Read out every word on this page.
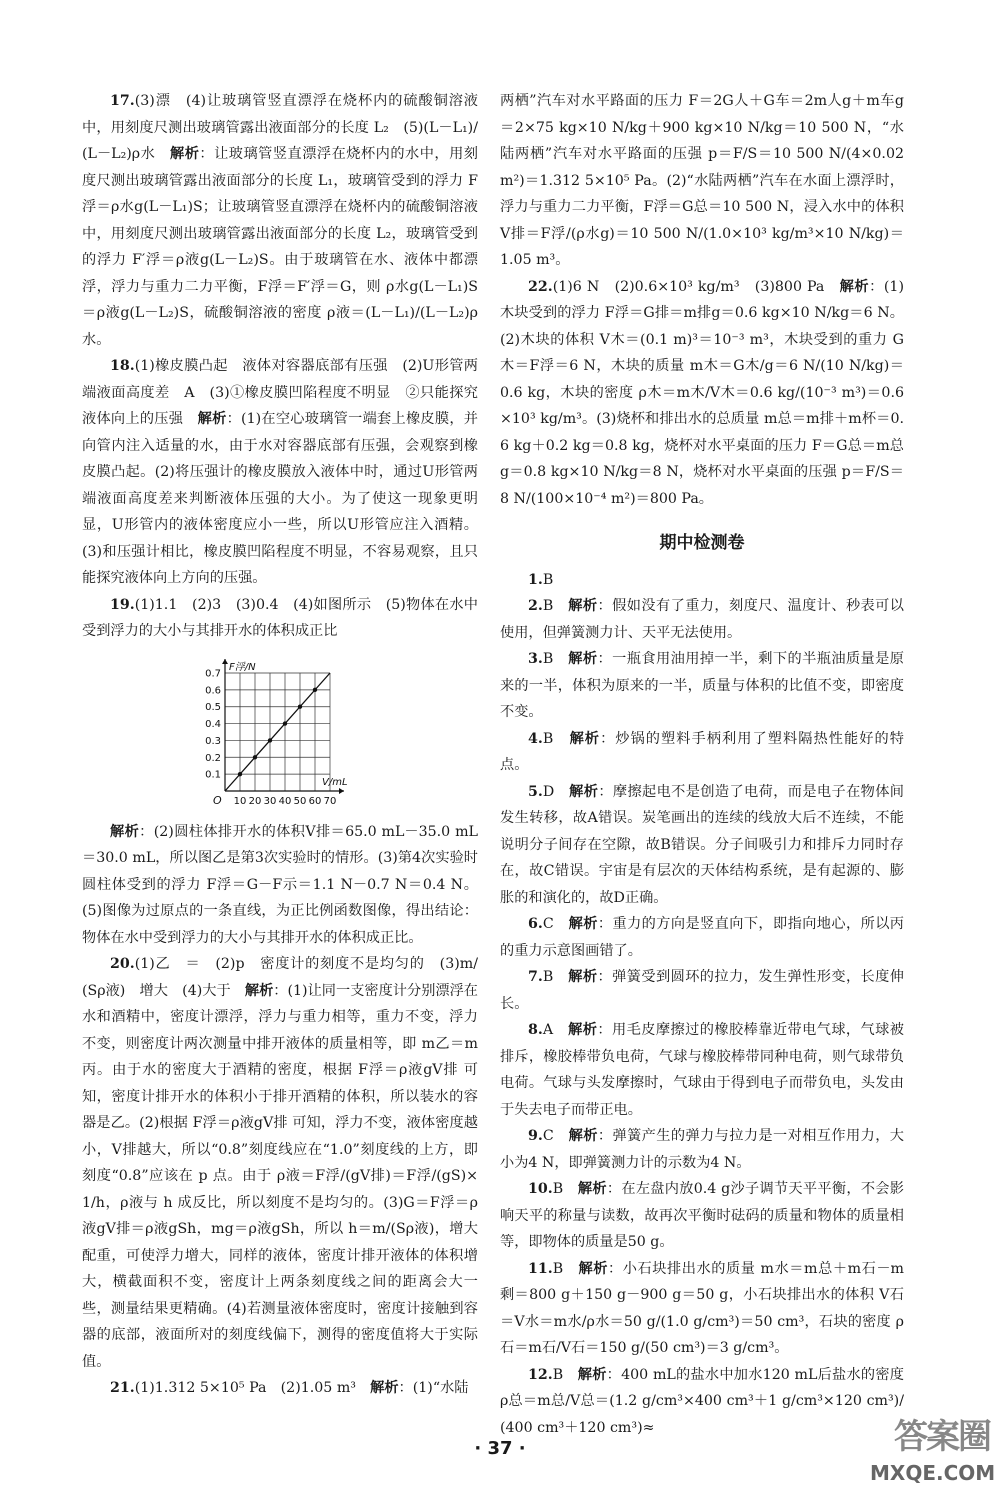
17.(3)漂　(4)让玻璃管竖直漂浮在烧杯内的硫酸铜溶液中，用刻度尺测出玻璃管露出液面部分的长度 L₂　(5)(L－L₁)/(L－L₂)ρ水　解析：让玻璃管竖直漂浮在烧杯内的水中，用刻度尺测出玻璃管露出液面部分的长度 L₁，玻璃管受到的浮力 F浮＝ρ水g(L－L₁)S；让玻璃管竖直漂浮在烧杯内的硫酸铜溶液中，用刻度尺测出玻璃管露出液面部分的长度 L₂，玻璃管受到的浮力 F′浮＝ρ液g(L－L₂)S。由于玻璃管在水、液体中都漂浮，浮力与重力二力平衡，F浮＝F′浮＝G，则 ρ水g(L－L₁)S＝ρ液g(L－L₂)S，硫酸铜溶液的密度 ρ液＝(L－L₁)/(L－L₂)ρ水。

18.(1)橡皮膜凸起　液体对容器底部有压强　(2)U形管两端液面高度差　A　(3)①橡皮膜凹陷程度不明显　②只能探究液体向上的压强　解析：(1)在空心玻璃管一端套上橡皮膜，并向管内注入适量的水，由于水对容器底部有压强，会观察到橡皮膜凸起。(2)将压强计的橡皮膜放入液体中时，通过U形管两端液面高度差来判断液体压强的大小。为了使这一现象更明显，U形管内的液体密度应小一些，所以U形管应注入酒精。(3)和压强计相比，橡皮膜凹陷程度不明显，不容易观察，且只能探究液体向上方向的压强。

19.(1)1.1　(2)3　(3)0.4　(4)如图所示　(5)物体在水中受到浮力的大小与其排开水的体积成正比

10 20 30 40 50 60 70
0.1
0.2
0.3
0.4
0.5
0.6
0.7
O
V/mL
F浮/N

解析：(2)圆柱体排开水的体积V排＝65.0 mL－35.0 mL＝30.0 mL，所以图乙是第3次实验时的情形。(3)第4次实验时圆柱体受到的浮力 F浮＝G－F示＝1.1 N－0.7 N＝0.4 N。(5)图像为过原点的一条直线，为正比例函数图像，得出结论：物体在水中受到浮力的大小与其排开水的体积成正比。

20.(1)乙　＝　(2)p　密度计的刻度不是均匀的　(3)m/(Sρ液)　增大　(4)大于　解析：(1)让同一支密度计分别漂浮在水和酒精中，密度计漂浮，浮力与重力相等，重力不变，浮力不变，则密度计两次测量中排开液体的质量相等，即 m乙＝m丙。由于水的密度大于酒精的密度，根据 F浮＝ρ液gV排 可知，密度计排开水的体积小于排开酒精的体积，所以装水的容器是乙。(2)根据 F浮＝ρ液gV排 可知，浮力不变，液体密度越小，V排越大，所以“0.8”刻度线应在“1.0”刻度线的上方，即刻度“0.8”应该在 p 点。由于 ρ液＝F浮/(gV排)＝F浮/(gS)×1/h，ρ液与 h 成反比，所以刻度不是均匀的。(3)G＝F浮＝ρ液gV排＝ρ液gSh，mg＝ρ液gSh，所以 h＝m/(Sρ液)，增大配重，可使浮力增大，同样的液体，密度计排开液体的体积增大，横截面积不变，密度计上两条刻度线之间的距离会大一些，测量结果更精确。(4)若测量液体密度时，密度计接触到容器的底部，液面所对的刻度线偏下，测得的密度值将大于实际值。

21.(1)1.312 5×10⁵ Pa　(2)1.05 m³　解析：(1)“水陆

两栖”汽车对水平路面的压力 F＝2G人＋G车＝2m人g＋m车g＝2×75 kg×10 N/kg＋900 kg×10 N/kg＝10 500 N，“水陆两栖”汽车对水平路面的压强 p＝F/S＝10 500 N/(4×0.02 m²)＝1.312 5×10⁵ Pa。(2)“水陆两栖”汽车在水面上漂浮时，浮力与重力二力平衡，F浮＝G总＝10 500 N，浸入水中的体积 V排＝F浮/(ρ水g)＝10 500 N/(1.0×10³ kg/m³×10 N/kg)＝1.05 m³。

22.(1)6 N　(2)0.6×10³ kg/m³　(3)800 Pa　解析：(1)木块受到的浮力 F浮＝G排＝m排g＝0.6 kg×10 N/kg＝6 N。(2)木块的体积 V木＝(0.1 m)³＝10⁻³ m³，木块受到的重力 G木＝F浮＝6 N，木块的质量 m木＝G木/g＝6 N/(10 N/kg)＝0.6 kg，木块的密度 ρ木＝m木/V木＝0.6 kg/(10⁻³ m³)＝0.6×10³ kg/m³。(3)烧杯和排出水的总质量 m总＝m排＋m杯＝0.6 kg＋0.2 kg＝0.8 kg，烧杯对水平桌面的压力 F＝G总＝m总g＝0.8 kg×10 N/kg＝8 N，烧杯对水平桌面的压强 p＝F/S＝8 N/(100×10⁻⁴ m²)＝800 Pa。

期中检测卷

1.B

2.B　解析：假如没有了重力，刻度尺、温度计、秒表可以使用，但弹簧测力计、天平无法使用。

3.B　解析：一瓶食用油用掉一半，剩下的半瓶油质量是原来的一半，体积为原来的一半，质量与体积的比值不变，即密度不变。

4.B　解析：炒锅的塑料手柄利用了塑料隔热性能好的特点。

5.D　解析：摩擦起电不是创造了电荷，而是电子在物体间发生转移，故A错误。炭笔画出的连续的线放大后不连续，不能说明分子间存在空隙，故B错误。分子间吸引力和排斥力同时存在，故C错误。宇宙是有层次的天体结构系统，是有起源的、膨胀的和演化的，故D正确。

6.C　解析：重力的方向是竖直向下，即指向地心，所以丙的重力示意图画错了。

7.B　解析：弹簧受到圆环的拉力，发生弹性形变，长度伸长。

8.A　解析：用毛皮摩擦过的橡胶棒靠近带电气球，气球被排斥，橡胶棒带负电荷，气球与橡胶棒带同种电荷，则气球带负电荷。气球与头发摩擦时，气球由于得到电子而带负电，头发由于失去电子而带正电。

9.C　解析：弹簧产生的弹力与拉力是一对相互作用力，大小为4 N，即弹簧测力计的示数为4 N。

10.B　解析：在左盘内放0.4 g沙子调节天平平衡，不会影响天平的称量与读数，故再次平衡时砝码的质量和物体的质量相等，即物体的质量是50 g。

11.B　解析：小石块排出水的质量 m水＝m总＋m石－m剩＝800 g＋150 g－900 g＝50 g，小石块排出水的体积 V石＝V水＝m水/ρ水＝50 g/(1.0 g/cm³)＝50 cm³，石块的密度 ρ石＝m石/V石＝150 g/(50 cm³)＝3 g/cm³。

12.B　解析：400 mL的盐水中加水120 mL后盐水的密度 ρ总＝m总/V总＝(1.2 g/cm³×400 cm³＋1 g/cm³×120 cm³)/(400 cm³＋120 cm³)≈

· 37 ·	答案圈
MXQE.COM
